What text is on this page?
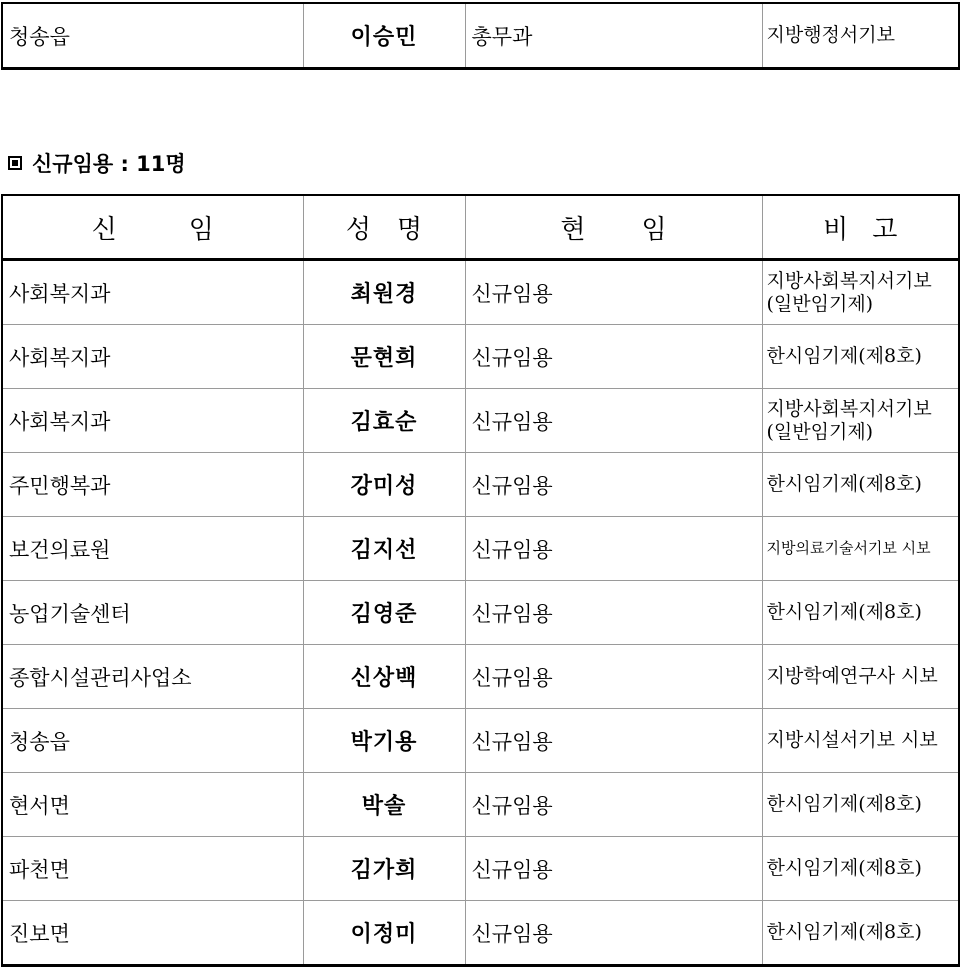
청송읍	이승민	총무과	지방행정서기보
신규임용 : 11명
신 임	성 명	현 임	비 고
사회복지과	최원경	신규임용	지방사회복지서기보
(일반임기제)

사회복지과	문현희	신규임용	한시임기제(제8호)

사회복지과	김효순	신규임용	지방사회복지서기보
(일반임기제)

주민행복과	강미성	신규임용	한시임기제(제8호)

보건의료원	김지선	신규임용	지방의료기술서기보 시보

농업기술센터	김영준	신규임용	한시임기제(제8호)

종합시설관리사업소	신상백	신규임용	지방학예연구사 시보

청송읍	박기용	신규임용	지방시설서기보 시보

현서면	박솔	신규임용	한시임기제(제8호)

파천면	김가희	신규임용	한시임기제(제8호)

진보면	이정미	신규임용	한시임기제(제8호)
